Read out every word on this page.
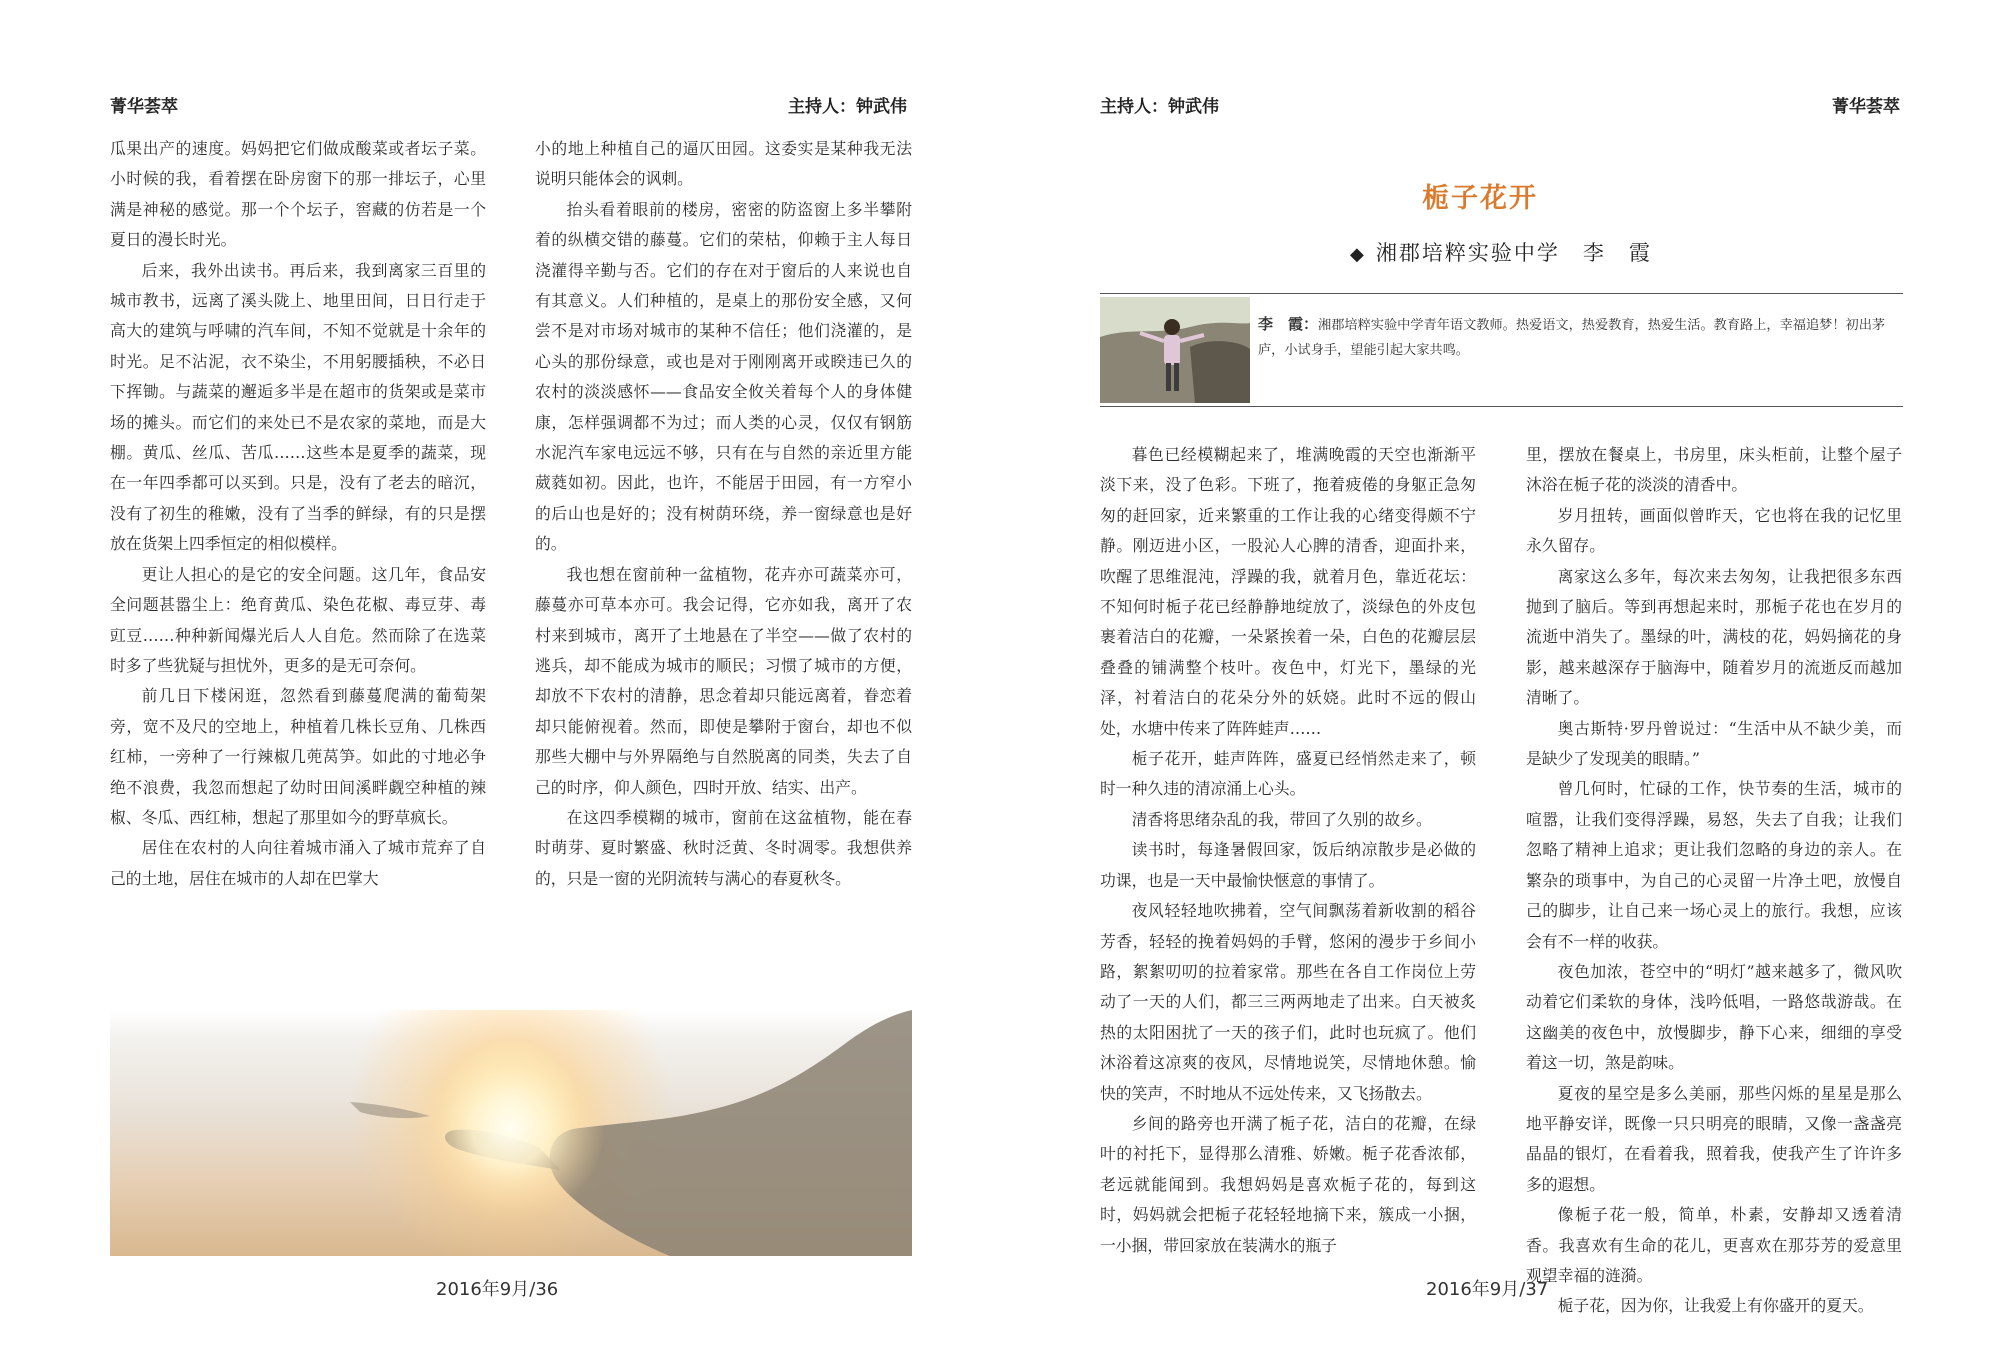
菁华荟萃	主持人：钟武伟

瓜果出产的速度。妈妈把它们做成酸菜或者坛子菜。小时候的我，看着摆在卧房窗下的那一排坛子，心里满是神秘的感觉。那一个个坛子，窖藏的仿若是一个夏日的漫长时光。

后来，我外出读书。再后来，我到离家三百里的城市教书，远离了溪头陇上、地里田间，日日行走于高大的建筑与呼啸的汽车间，不知不觉就是十余年的时光。足不沾泥，衣不染尘，不用躬腰插秧，不必日下挥锄。与蔬菜的邂逅多半是在超市的货架或是菜市场的摊头。而它们的来处已不是农家的菜地，而是大棚。黄瓜、丝瓜、苦瓜……这些本是夏季的蔬菜，现在一年四季都可以买到。只是，没有了老去的暗沉，没有了初生的稚嫩，没有了当季的鲜绿，有的只是摆放在货架上四季恒定的相似模样。

更让人担心的是它的安全问题。这几年，食品安全问题甚嚣尘上：绝育黄瓜、染色花椒、毒豆芽、毒豇豆……种种新闻爆光后人人自危。然而除了在选菜时多了些犹疑与担忧外，更多的是无可奈何。

前几日下楼闲逛，忽然看到藤蔓爬满的葡萄架旁，宽不及尺的空地上，种植着几株长豆角、几株西红柿，一旁种了一行辣椒几蔸莴笋。如此的寸地必争绝不浪费，我忽而想起了幼时田间溪畔觑空种植的辣椒、冬瓜、西红柿，想起了那里如今的野草疯长。

居住在农村的人向往着城市涌入了城市荒弃了自己的土地，居住在城市的人却在巴掌大

小的地上种植自己的逼仄田园。这委实是某种我无法说明只能体会的讽刺。

抬头看着眼前的楼房，密密的防盗窗上多半攀附着的纵横交错的藤蔓。它们的荣枯，仰赖于主人每日浇灌得辛勤与否。它们的存在对于窗后的人来说也自有其意义。人们种植的，是桌上的那份安全感，又何尝不是对市场对城市的某种不信任；他们浇灌的，是心头的那份绿意，或也是对于刚刚离开或睽违已久的农村的淡淡感怀——食品安全攸关着每个人的身体健康，怎样强调都不为过；而人类的心灵，仅仅有钢筋水泥汽车家电远远不够，只有在与自然的亲近里方能葳蕤如初。因此，也许，不能居于田园，有一方窄小的后山也是好的；没有树荫环绕，养一窗绿意也是好的。

我也想在窗前种一盆植物，花卉亦可蔬菜亦可，藤蔓亦可草本亦可。我会记得，它亦如我，离开了农村来到城市，离开了土地悬在了半空——做了农村的逃兵，却不能成为城市的顺民；习惯了城市的方便，却放不下农村的清静，思念着却只能远离着，眷恋着却只能俯视着。然而，即使是攀附于窗台，却也不似那些大棚中与外界隔绝与自然脱离的同类，失去了自己的时序，仰人颜色，四时开放、结实、出产。

在这四季模糊的城市，窗前在这盆植物，能在春时萌芽、夏时繁盛、秋时泛黄、冬时凋零。我想供养的，只是一窗的光阴流转与满心的春夏秋冬。

2016年9月/36
主持人：钟武伟	菁华荟萃
栀子花开
◆ 湘郡培粹实验中学　李　霞
李　霞：湘郡培粹实验中学青年语文教师。热爱语文，热爱教育，热爱生活。教育路上，幸福追梦！初出茅庐，小试身手，望能引起大家共鸣。

暮色已经模糊起来了，堆满晚霞的天空也渐渐平淡下来，没了色彩。下班了，拖着疲倦的身躯正急匆匆的赶回家，近来繁重的工作让我的心绪变得颇不宁静。刚迈进小区，一股沁人心脾的清香，迎面扑来，吹醒了思维混沌，浮躁的我，就着月色，靠近花坛：不知何时栀子花已经静静地绽放了，淡绿色的外皮包裹着洁白的花瓣，一朵紧挨着一朵，白色的花瓣层层叠叠的铺满整个枝叶。夜色中，灯光下，墨绿的光泽，衬着洁白的花朵分外的妖娆。此时不远的假山处，水塘中传来了阵阵蛙声……

栀子花开，蛙声阵阵，盛夏已经悄然走来了，顿时一种久违的清凉涌上心头。

清香将思绪杂乱的我，带回了久别的故乡。

读书时，每逢暑假回家，饭后纳凉散步是必做的功课，也是一天中最愉快惬意的事情了。

夜风轻轻地吹拂着，空气间飘荡着新收割的稻谷芳香，轻轻的挽着妈妈的手臂，悠闲的漫步于乡间小路，絮絮叨叨的拉着家常。那些在各自工作岗位上劳动了一天的人们，都三三两两地走了出来。白天被炙热的太阳困扰了一天的孩子们，此时也玩疯了。他们沐浴着这凉爽的夜风，尽情地说笑，尽情地休憩。愉快的笑声，不时地从不远处传来，又飞扬散去。

乡间的路旁也开满了栀子花，洁白的花瓣，在绿叶的衬托下，显得那么清雅、娇嫩。栀子花香浓郁，老远就能闻到。我想妈妈是喜欢栀子花的，每到这时，妈妈就会把栀子花轻轻地摘下来，簇成一小捆，一小捆，带回家放在装满水的瓶子

里，摆放在餐桌上，书房里，床头柜前，让整个屋子沐浴在栀子花的淡淡的清香中。

岁月扭转，画面似曾昨天，它也将在我的记忆里永久留存。

离家这么多年，每次来去匆匆，让我把很多东西抛到了脑后。等到再想起来时，那栀子花也在岁月的流逝中消失了。墨绿的叶，满枝的花，妈妈摘花的身影，越来越深存于脑海中，随着岁月的流逝反而越加清晰了。

奥古斯特·罗丹曾说过：“生活中从不缺少美，而是缺少了发现美的眼睛。”

曾几何时，忙碌的工作，快节奏的生活，城市的喧嚣，让我们变得浮躁，易怒，失去了自我；让我们忽略了精神上追求；更让我们忽略的身边的亲人。在繁杂的琐事中，为自己的心灵留一片净土吧，放慢自己的脚步，让自己来一场心灵上的旅行。我想，应该会有不一样的收获。

夜色加浓，苍空中的“明灯”越来越多了，微风吹动着它们柔软的身体，浅吟低唱，一路悠哉游哉。在这幽美的夜色中，放慢脚步，静下心来，细细的享受着这一切，煞是韵味。

夏夜的星空是多么美丽，那些闪烁的星星是那么地平静安详，既像一只只明亮的眼睛，又像一盏盏亮晶晶的银灯，在看着我，照着我，使我产生了许许多多的遐想。

像栀子花一般，简单，朴素，安静却又透着清香。我喜欢有生命的花儿，更喜欢在那芬芳的爱意里观望幸福的涟漪。

栀子花，因为你，让我爱上有你盛开的夏天。

2016年9月/37
